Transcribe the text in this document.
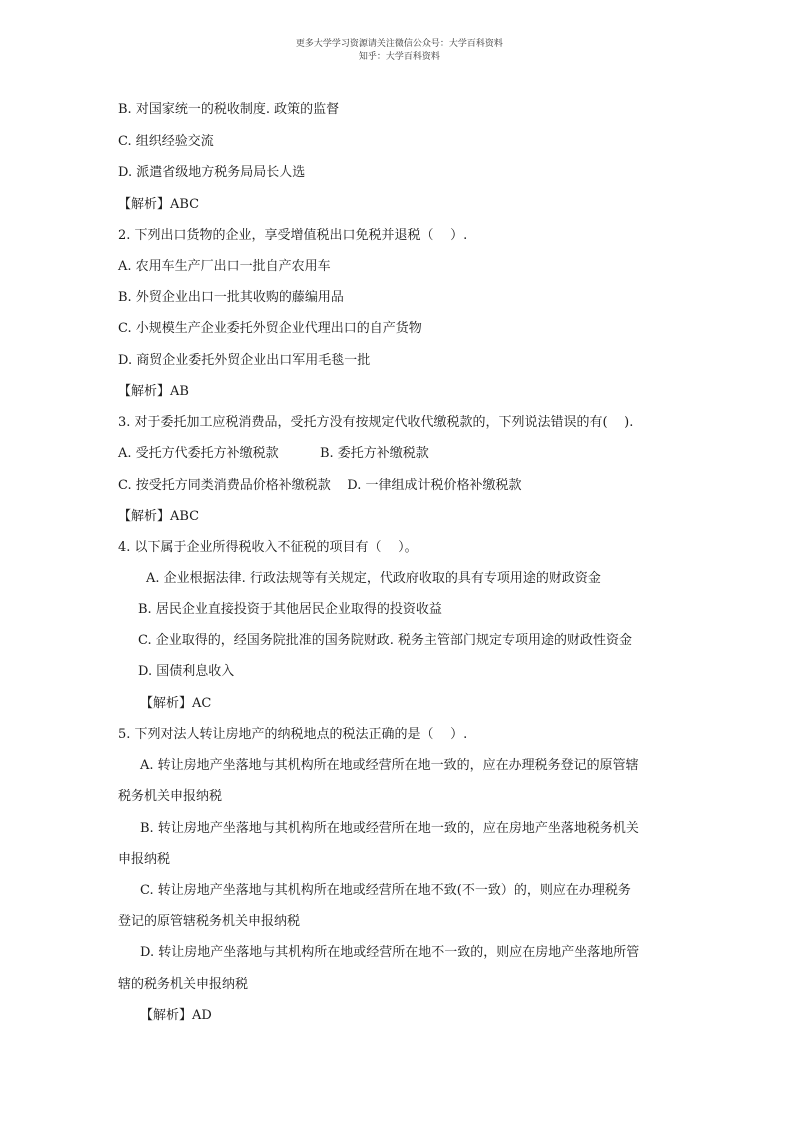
更多大学学习资源请关注微信公众号：大学百科资料
知乎：大学百科资料

B. 对国家统一的税收制度. 政策的监督
C. 组织经验交流
D. 派遣省级地方税务局局长人选
【解析】ABC
2. 下列出口货物的企业，享受增值税出口免税并退税（    ）.
A. 农用车生产厂出口一批自产农用车
B. 外贸企业出口一批其收购的藤编用品
C. 小规模生产企业委托外贸企业代理出口的自产货物
D. 商贸企业委托外贸企业出口军用毛毯一批
【解析】AB
3. 对于委托加工应税消费品，受托方没有按规定代收代缴税款的，下列说法错误的有(    ).
A. 受托方代委托方补缴税款          B. 委托方补缴税款
C. 按受托方同类消费品价格补缴税款    D. 一律组成计税价格补缴税款
【解析】ABC
4. 以下属于企业所得税收入不征税的项目有（    ）。
A. 企业根据法律. 行政法规等有关规定，代政府收取的具有专项用途的财政资金
B. 居民企业直接投资于其他居民企业取得的投资收益
C. 企业取得的，经国务院批准的国务院财政. 税务主管部门规定专项用途的财政性资金
D. 国债利息收入
【解析】AC
5. 下列对法人转让房地产的纳税地点的税法正确的是（    ）.
A. 转让房地产坐落地与其机构所在地或经营所在地一致的，应在办理税务登记的原管辖
税务机关申报纳税
B. 转让房地产坐落地与其机构所在地或经营所在地一致的，应在房地产坐落地税务机关
申报纳税
C. 转让房地产坐落地与其机构所在地或经营所在地不致(不一致）的，则应在办理税务
登记的原管辖税务机关申报纳税
D. 转让房地产坐落地与其机构所在地或经营所在地不一致的，则应在房地产坐落地所管
辖的税务机关申报纳税
【解析】AD
